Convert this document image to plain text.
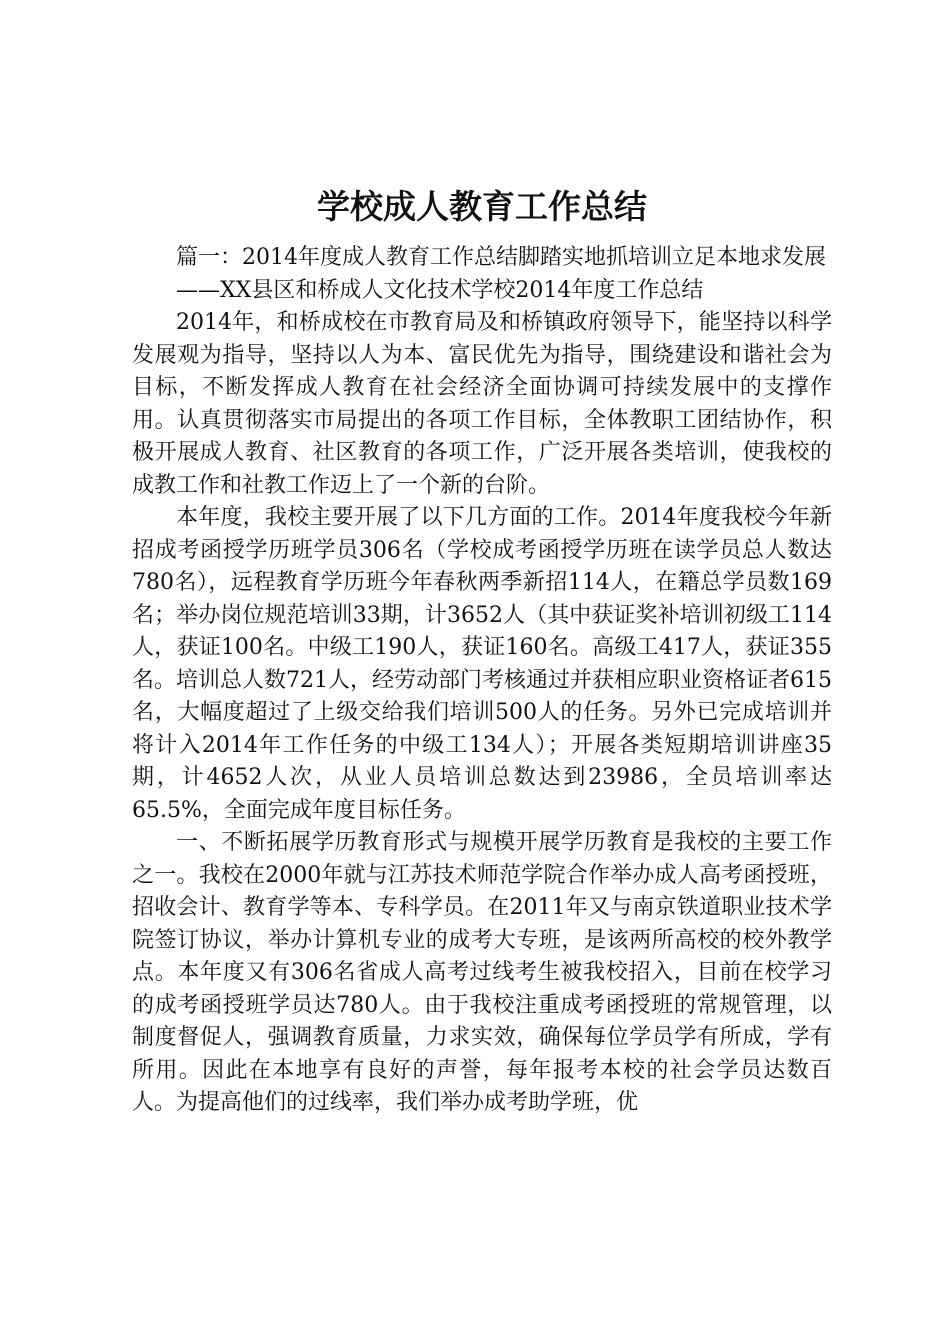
学校成人教育工作总结

篇一：2014年度成人教育工作总结脚踏实地抓培训立足本地求发展

——XX县区和桥成人文化技术学校2014年度工作总结

2014年，和桥成校在市教育局及和桥镇政府领导下，能坚持以科学发展观为指导，坚持以人为本、富民优先为指导，围绕建设和谐社会为目标，不断发挥成人教育在社会经济全面协调可持续发展中的支撑作用。认真贯彻落实市局提出的各项工作目标，全体教职工团结协作，积极开展成人教育、社区教育的各项工作，广泛开展各类培训，使我校的成教工作和社教工作迈上了一个新的台阶。

本年度，我校主要开展了以下几方面的工作。2014年度我校今年新招成考函授学历班学员306名（学校成考函授学历班在读学员总人数达780名），远程教育学历班今年春秋两季新招114人，在籍总学员数169名；举办岗位规范培训33期，计3652人（其中获证奖补培训初级工114人，获证100名。中级工190人，获证160名。高级工417人，获证355名。培训总人数721人，经劳动部门考核通过并获相应职业资格证者615名，大幅度超过了上级交给我们培训500人的任务。另外已完成培训并将计入2014年工作任务的中级工134人）；开展各类短期培训讲座35期，计4652人次，从业人员培训总数达到23986，全员培训率达65.5%，全面完成年度目标任务。

一、不断拓展学历教育形式与规模开展学历教育是我校的主要工作之一。我校在2000年就与江苏技术师范学院合作举办成人高考函授班，招收会计、教育学等本、专科学员。在2011年又与南京铁道职业技术学院签订协议，举办计算机专业的成考大专班，是该两所高校的校外教学点。本年度又有306名省成人高考过线考生被我校招入，目前在校学习的成考函授班学员达780人。由于我校注重成考函授班的常规管理，以制度督促人，强调教育质量，力求实效，确保每位学员学有所成，学有所用。因此在本地享有良好的声誉，每年报考本校的社会学员达数百人。为提高他们的过线率，我们举办成考助学班，优
